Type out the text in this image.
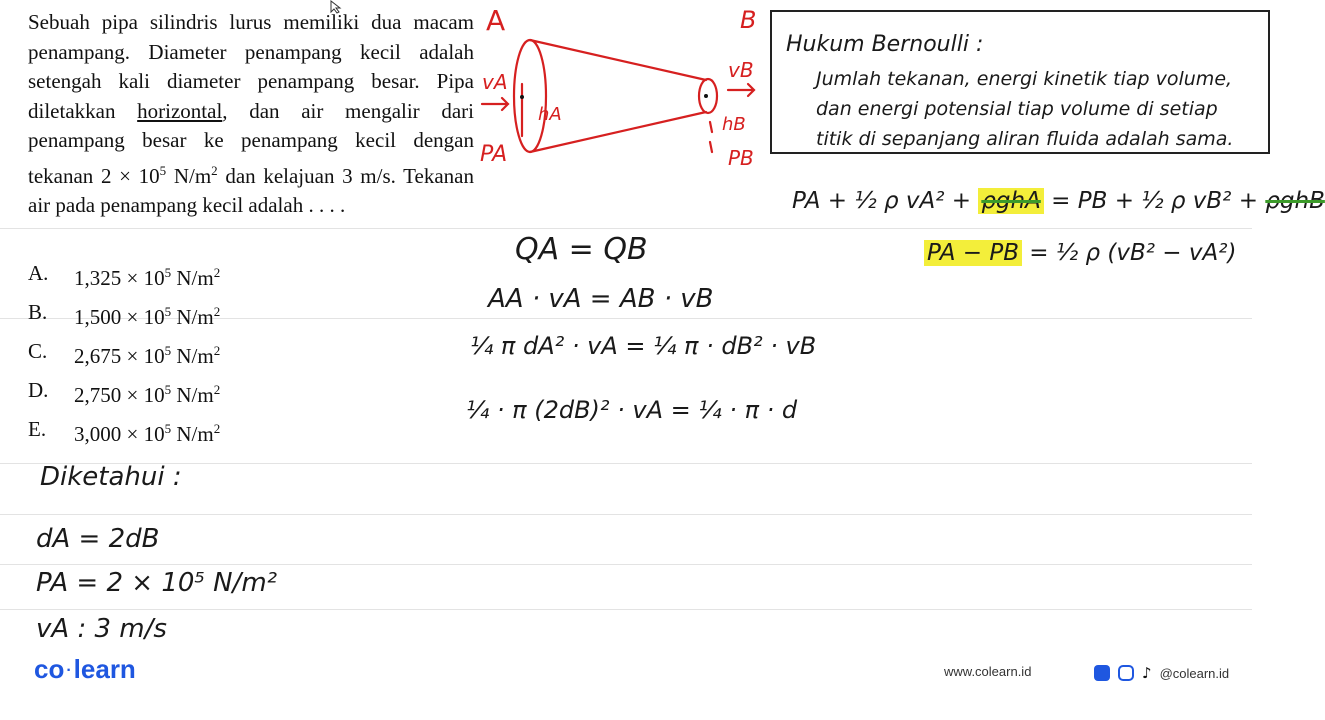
Sebuah pipa silindris lurus memiliki dua macam penampang. Diameter penampang kecil adalah setengah kali diameter penampang besar. Pipa diletakkan horizontal, dan air mengalir dari penampang besar ke penampang kecil dengan tekanan $2 \times 10^5$ $N/m^2$ dan kelajuan 3 m/s. Tekanan air pada penampang kecil adalah . . . .
A.	$1,325 \times 10^5$ $N/m^2$
B.	$1,500 \times 10^5$ $N/m^2$
C.	$2,675 \times 10^5$ $N/m^2$
D.	$2,750 \times 10^5$ $N/m^2$
E.	$3,000 \times 10^5$ $N/m^2$
A	B
vA	vB
hA	hB
PA	PB
Hukum Bernoulli :
Jumlah tekanan, energi kinetik tiap volume, dan energi potensial tiap volume di setiap titik di sepanjang aliran fluida adalah sama.
QA = QB
AA · vA = AB · vB
¼ π dA² · vA = ¼ π · dB² · vB
¼ · π (2dB)² · vA = ¼ · π · d
PA + ½ ρ vA² + ρghA = PB + ½ ρ vB² + ρghB
PA − PB = ½ ρ (vB² − vA²)
Diketahui :
dA = 2dB
PA = 2 × 10⁵ N/m²
vA : 3 m/s
co ·learn	www.colearn.id	♪ @colearn.id
